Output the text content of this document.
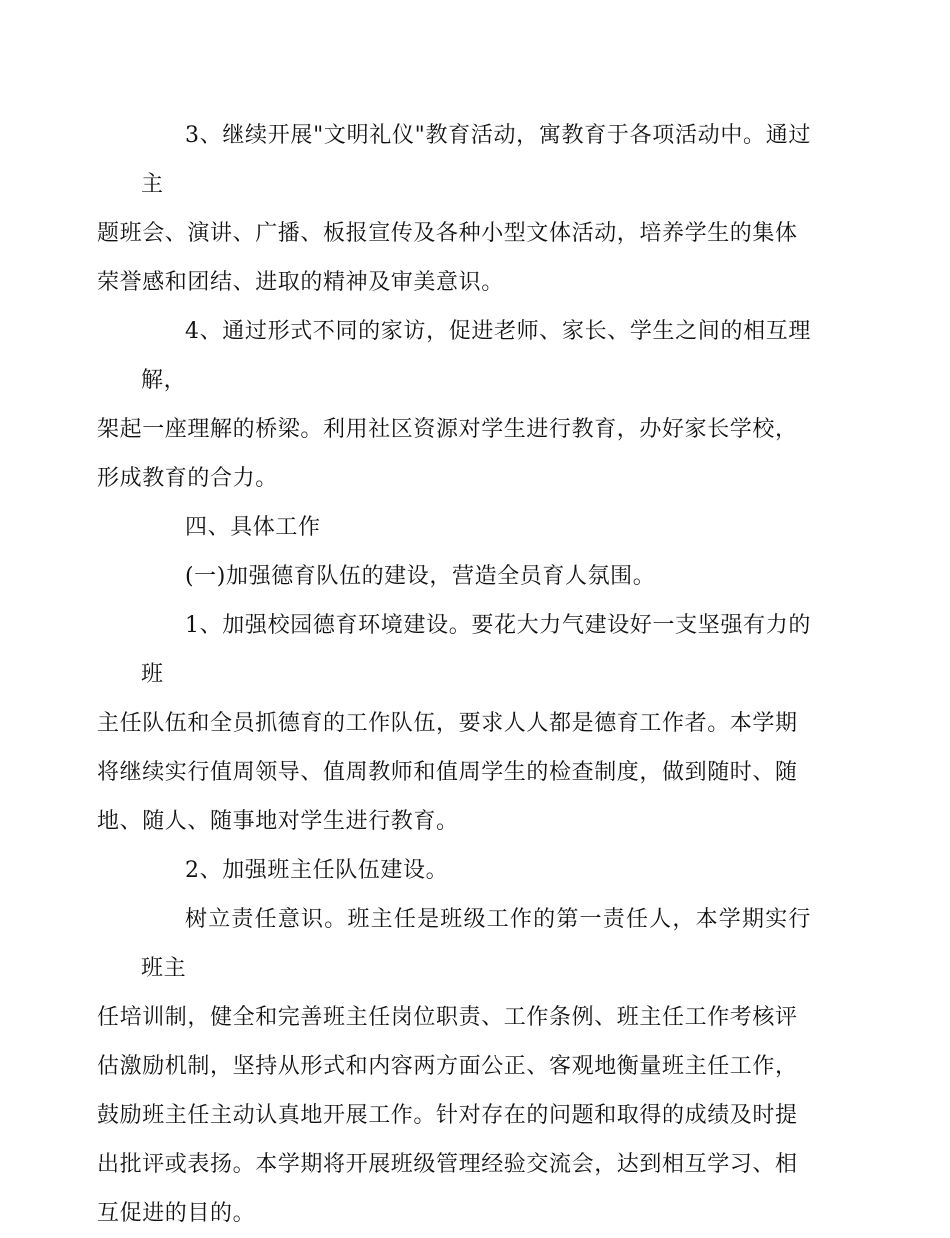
3、继续开展"文明礼仪"教育活动，寓教育于各项活动中。通过主
题班会、演讲、广播、板报宣传及各种小型文体活动，培养学生的集体
荣誉感和团结、进取的精神及审美意识。

4、通过形式不同的家访，促进老师、家长、学生之间的相互理解，
架起一座理解的桥梁。利用社区资源对学生进行教育，办好家长学校，
形成教育的合力。

四、具体工作

(一)加强德育队伍的建设，营造全员育人氛围。

1、加强校园德育环境建设。要花大力气建设好一支坚强有力的班
主任队伍和全员抓德育的工作队伍，要求人人都是德育工作者。本学期
将继续实行值周领导、值周教师和值周学生的检查制度，做到随时、随
地、随人、随事地对学生进行教育。

2、加强班主任队伍建设。

树立责任意识。班主任是班级工作的第一责任人，本学期实行班主
任培训制，健全和完善班主任岗位职责、工作条例、班主任工作考核评
估激励机制，坚持从形式和内容两方面公正、客观地衡量班主任工作，
鼓励班主任主动认真地开展工作。针对存在的问题和取得的成绩及时提
出批评或表扬。本学期将开展班级管理经验交流会，达到相互学习、相
互促进的目的。
